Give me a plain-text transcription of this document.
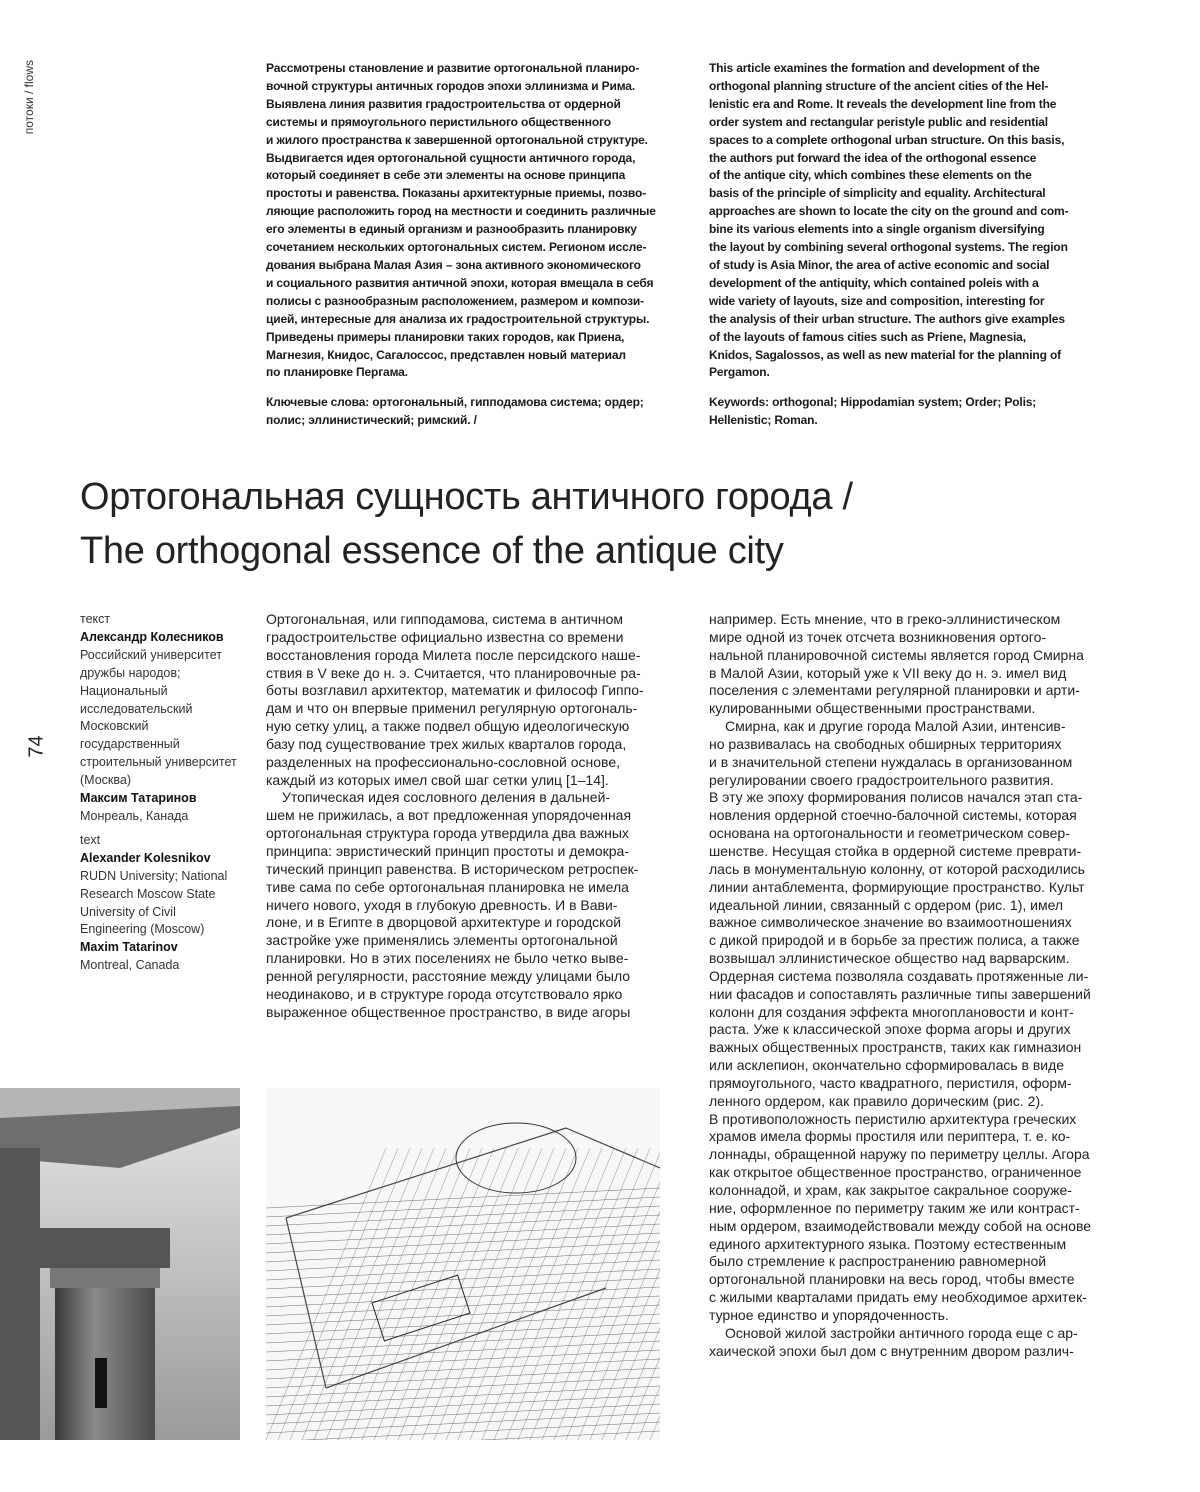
потоки / flows
74
Рассмотрены становление и развитие ортогональной планиро-
вочной структуры античных городов эпохи эллинизма и Рима.
Выявлена линия развития градостроительства от ордерной
системы и прямоугольного перистильного общественного
и жилого пространства к завершенной ортогональной структуре.
Выдвигается идея ортогональной сущности античного города,
который соединяет в себе эти элементы на основе принципа
простоты и равенства. Показаны архитектурные приемы, позво-
ляющие расположить город на местности и соединить различные
его элементы в единый организм и разнообразить планировку
сочетанием нескольких ортогональных систем. Регионом иссле-
дования выбрана Малая Азия – зона активного экономического
и социального развития античной эпохи, которая вмещала в себя
полисы с разнообразным расположением, размером и компози-
цией, интересные для анализа их градостроительной структуры.
Приведены примеры планировки таких городов, как Приена,
Магнезия, Книдос, Сагалоссос, представлен новый материал
по планировке Пергама.
Ключевые слова: ортогональный, гипподамова система; ордер;
полис; эллинистический; римский. /
This article examines the formation and development of the
orthogonal planning structure of the ancient cities of the Hel-
lenistic era and Rome. It reveals the development line from the
order system and rectangular peristyle public and residential
spaces to a complete orthogonal urban structure. On this basis,
the authors put forward the idea of the orthogonal essence
of the antique city, which combines these elements on the
basis of the principle of simplicity and equality. Architectural
approaches are shown to locate the city on the ground and com-
bine its various elements into a single organism diversifying
the layout by combining several orthogonal systems. The region
of study is Asia Minor, the area of active economic and social
development of the antiquity, which contained poleis with a
wide variety of layouts, size and composition, interesting for
the analysis of their urban structure. The authors give examples
of the layouts of famous cities such as Priene, Magnesia,
Knidos, Sagalossos, as well as new material for the planning of
Pergamon.
Keywords: orthogonal; Hippodamian system; Order; Polis;
Hellenistic; Roman.
Ортогональная сущность античного города /
The orthogonal essence of the antique city
текст
Александр Колесников
Российский университет
дружбы народов;
Национальный
исследовательский
Московский
государственный
строительный университет
(Москва)
Максим Татаринов
Монреаль, Канада
text
Alexander Kolesnikov
RUDN University; National
Research Moscow State
University of Civil
Engineering (Moscow)
Maxim Tatarinov
Montreal, Canada
Ортогональная, или гипподамова, система в античном
градостроительстве официально известна со времени
восстановления города Милета после персидского наше-
ствия в V веке до н. э. Считается, что планировочные ра-
боты возглавил архитектор, математик и философ Гиппо-
дам и что он впервые применил регулярную ортогональ-
ную сетку улиц, а также подвел общую идеологическую
базу под существование трех жилых кварталов города,
разделенных на профессионально-сословной основе,
каждый из которых имел свой шаг сетки улиц [1–14].
Утопическая идея сословного деления в дальней-
шем не прижилась, а вот предложенная упорядоченная
ортогональная структура города утвердила два важных
принципа: эвристический принцип простоты и демокра-
тический принцип равенства. В историческом ретроспек-
тиве сама по себе ортогональная планировка не имела
ничего нового, уходя в глубокую древность. И в Вави-
лоне, и в Египте в дворцовой архитектуре и городской
застройке уже применялись элементы ортогональной
планировки. Но в этих поселениях не было четко выве-
ренной регулярности, расстояние между улицами было
неодинаково, и в структуре города отсутствовало ярко
выраженное общественное пространство, в виде агоры
например. Есть мнение, что в греко-эллинистическом
мире одной из точек отсчета возникновения ортого-
нальной планировочной системы является город Смирна
в Малой Азии, который уже к VII веку до н. э. имел вид
поселения с элементами регулярной планировки и арти-
кулированными общественными пространствами.
Смирна, как и другие города Малой Азии, интенсив-
но развивалась на свободных обширных территориях
и в значительной степени нуждалась в организованном
регулировании своего градостроительного развития.
В эту же эпоху формирования полисов начался этап ста-
новления ордерной стоечно-балочной системы, которая
основана на ортогональности и геометрическом совер-
шенстве. Несущая стойка в ордерной системе преврати-
лась в монументальную колонну, от которой расходились
линии антаблемента, формирующие пространство. Культ
идеальной линии, связанный с ордером (рис. 1), имел
важное символическое значение во взаимоотношениях
с дикой природой и в борьбе за престиж полиса, а также
возвышал эллинистическое общество над варварским.
Ордерная система позволяла создавать протяженные ли-
нии фасадов и сопоставлять различные типы завершений
колонн для создания эффекта многоплановости и конт-
раста. Уже к классической эпохе форма агоры и других
важных общественных пространств, таких как гимназион
или асклепион, окончательно сформировалась в виде
прямоугольного, часто квадратного, перистиля, оформ-
ленного ордером, как правило дорическим (рис. 2).
В противоположность перистилю архитектура греческих
храмов имела формы простиля или периптера, т. е. ко-
лоннады, обращенной наружу по периметру целлы. Агора
как открытое общественное пространство, ограниченное
колоннадой, и храм, как закрытое сакральное сооруже-
ние, оформленное по периметру таким же или контраст-
ным ордером, взаимодействовали между собой на основе
единого архитектурного языка. Поэтому естественным
было стремление к распространению равномерной
ортогональной планировки на весь город, чтобы вместе
с жилыми кварталами придать ему необходимое архитек-
турное единство и упорядоченность.
Основой жилой застройки античного города еще с ар-
хаической эпохи был дом с внутренним двором различ-
